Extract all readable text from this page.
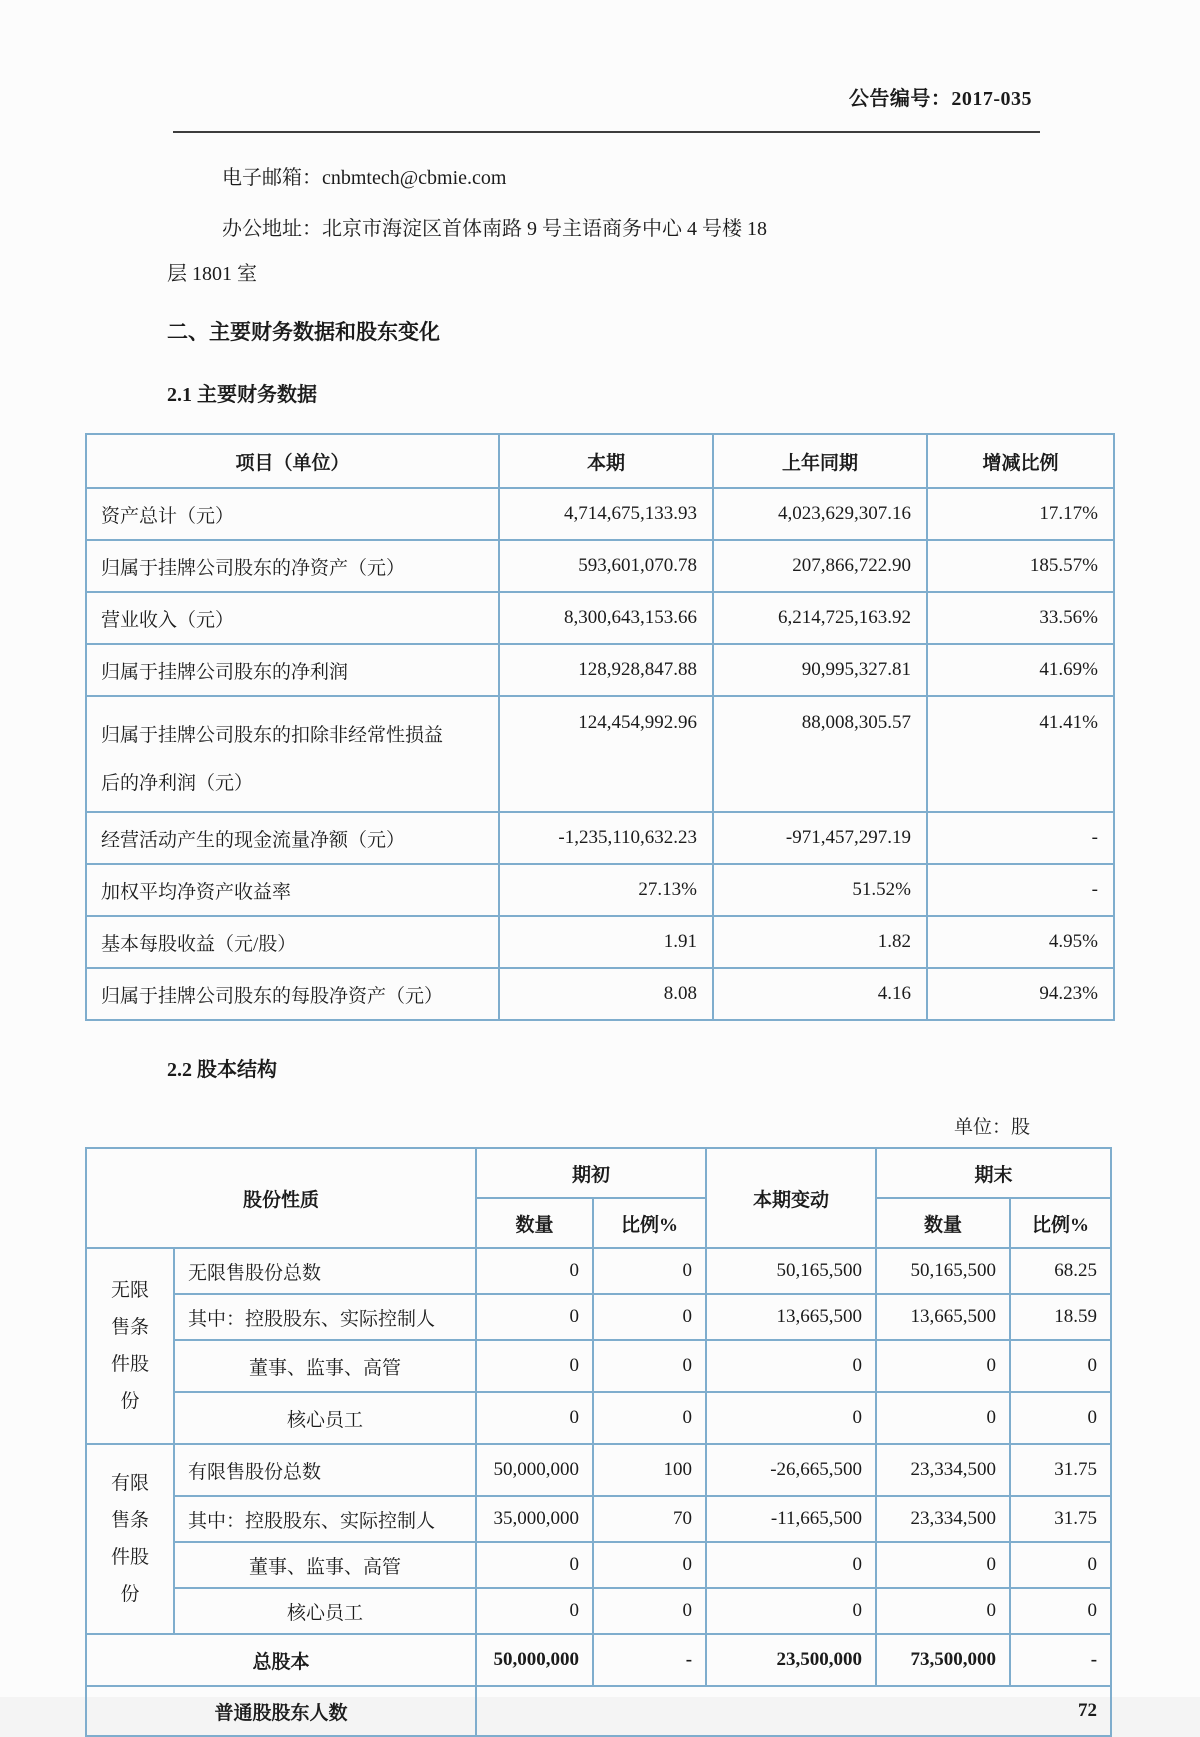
公告编号：2017-035
电子邮箱：cnbmtech@cbmie.com
办公地址：北京市海淀区首体南路 9 号主语商务中心 4 号楼 18
层 1801 室
二、主要财务数据和股东变化
2.1 主要财务数据
项目（单位）	本期	上年同期	增减比例
资产总计（元）	4,714,675,133.93	4,023,629,307.16	17.17%
归属于挂牌公司股东的净资产（元）	593,601,070.78	207,866,722.90	185.57%
营业收入（元）	8,300,643,153.66	6,214,725,163.92	33.56%
归属于挂牌公司股东的净利润	128,928,847.88	90,995,327.81	41.69%
归属于挂牌公司股东的扣除非经常性损益后的净利润（元）	124,454,992.96	88,008,305.57	41.41%
经营活动产生的现金流量净额（元）	-1,235,110,632.23	-971,457,297.19	-
加权平均净资产收益率	27.13%	51.52%	-
基本每股收益（元/股）	1.91	1.82	4.95%
归属于挂牌公司股东的每股净资产（元）	8.08	4.16	94.23%
2.2 股本结构
单位：股
股份性质		期初		本期变动	期末	
		数量	比例%		数量	比例%

无限售条件股份	无限售股份总数	0	0	50,165,500	50,165,500	68.25
	其中：控股股东、实际控制人	0	0	13,665,500	13,665,500	18.59
	董事、监事、高管	0	0	0	0	0
	核心员工	0	0	0	0	0

有限售条件股份	有限售股份总数	50,000,000	100	-26,665,500	23,334,500	31.75
	其中：控股股东、实际控制人	35,000,000	70	-11,665,500	23,334,500	31.75
	董事、监事、高管	0	0	0	0	0
	核心员工	0	0	0	0	0
总股本		50,000,000	-	23,500,000	73,500,000	-
普通股股东人数		72				
